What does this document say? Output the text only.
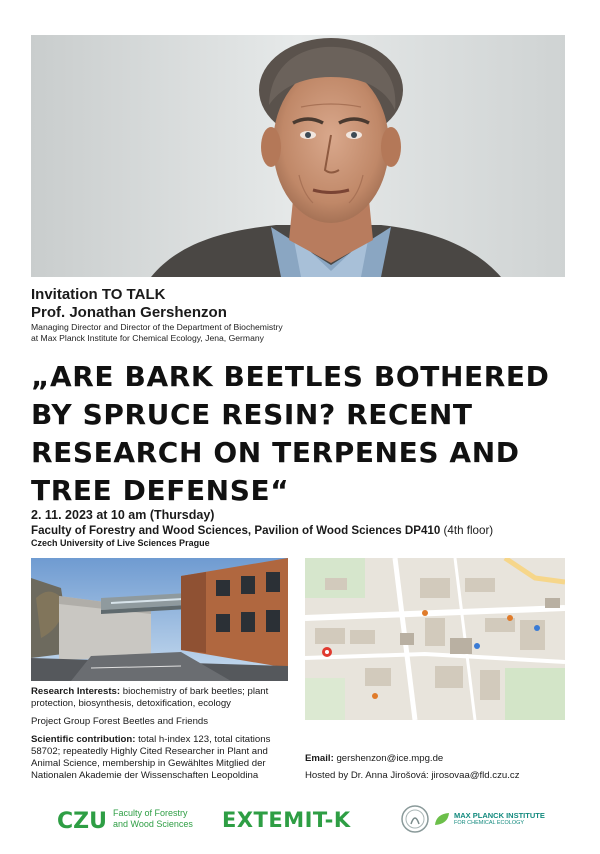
Invitation TO TALK
Prof. Jonathan Gershenzon
Managing Director and Director of the Department of Biochemistry
at Max Planck Institute for Chemical Ecology, Jena, Germany
„ARE BARK BEETLES BOTHERED BY SPRUCE RESIN? RECENT RESEARCH ON TERPENES AND TREE DEFENSE“
2. 11. 2023 at 10 am (Thursday)
Faculty of Forestry and Wood Sciences, Pavilion of Wood Sciences DP410 (4th floor)
Czech University of Live Sciences Prague

Research Interests: biochemistry of bark beetles; plant protection, biosynthesis, detoxification, ecology

Project Group Forest Beetles and Friends

Scientific contribution: total h-index 123, total citations 58702; repeatedly Highly Cited Researcher in Plant and Animal Science, membership in Gewähltes Mitglied der Nationalen Akademie der Wissenschaften Leopoldina

Email: gershenzon@ice.mpg.de

Hosted by Dr. Anna Jirošová: jirosovaa@fld.czu.cz

CZU Faculty of Forestry
and Wood Sciences EXTEMIT-K	MAX PLANCK INSTITUTE
FOR CHEMICAL ECOLOGY
